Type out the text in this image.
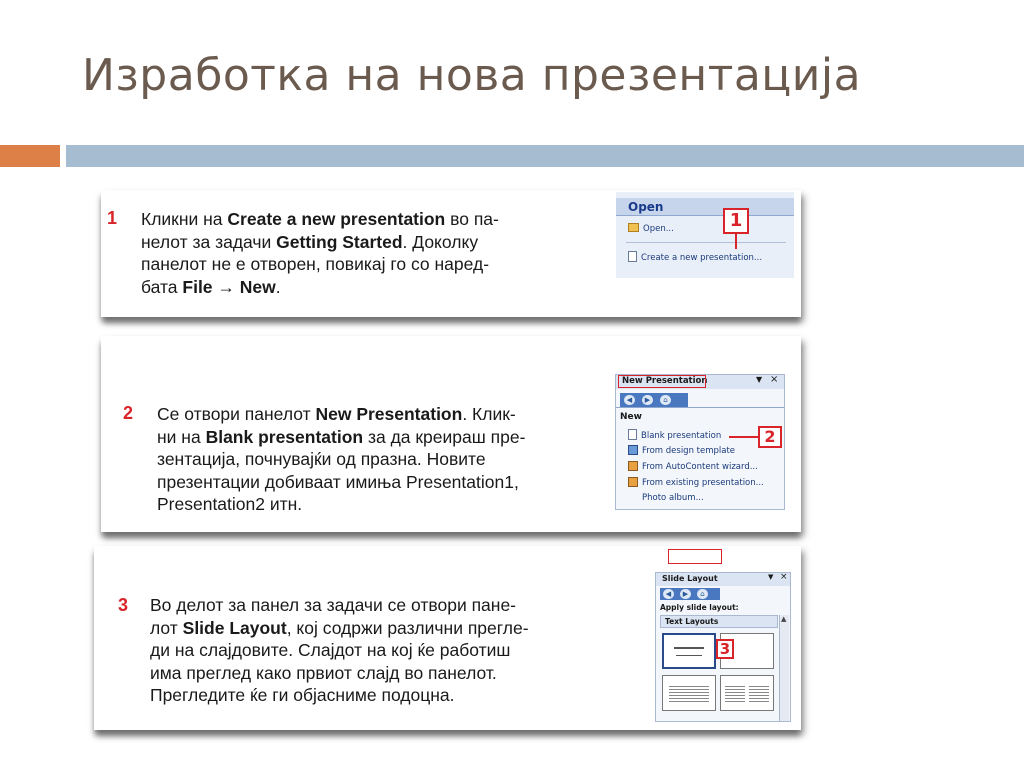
Изработка на нова презентација
1 Кликни на Create a new presentation во па-
нелот за задачи Getting Started. Доколку
панелот не е отворен, повикај го со наред-
бата File → New.
Open
Open...
Create a new presentation...
1
2 Се отвори панелот New Presentation. Клик-
ни на Blank presentation за да креираш пре-
зентација, почнувајќи од празна. Новите
презентации добиваат имиња Presentation1,
Presentation2 итн.
New Presentation	▼ ×
◀	▶	⌂
New
Blank presentation
From design template
From AutoContent wizard...
From existing presentation...
Photo album...
2
3 Во делот за панел за задачи се отвори пане-
лот Slide Layout, кој содржи различни прегле-
ди на слајдовите. Слајдот на кој ќе работиш
има преглед како првиот слајд во панелот.
Прегледите ќе ги објасниме подоцна.
Slide Layout	▼ ×
◀	▶	⌂
Apply slide layout:
Text Layouts	▲
3
